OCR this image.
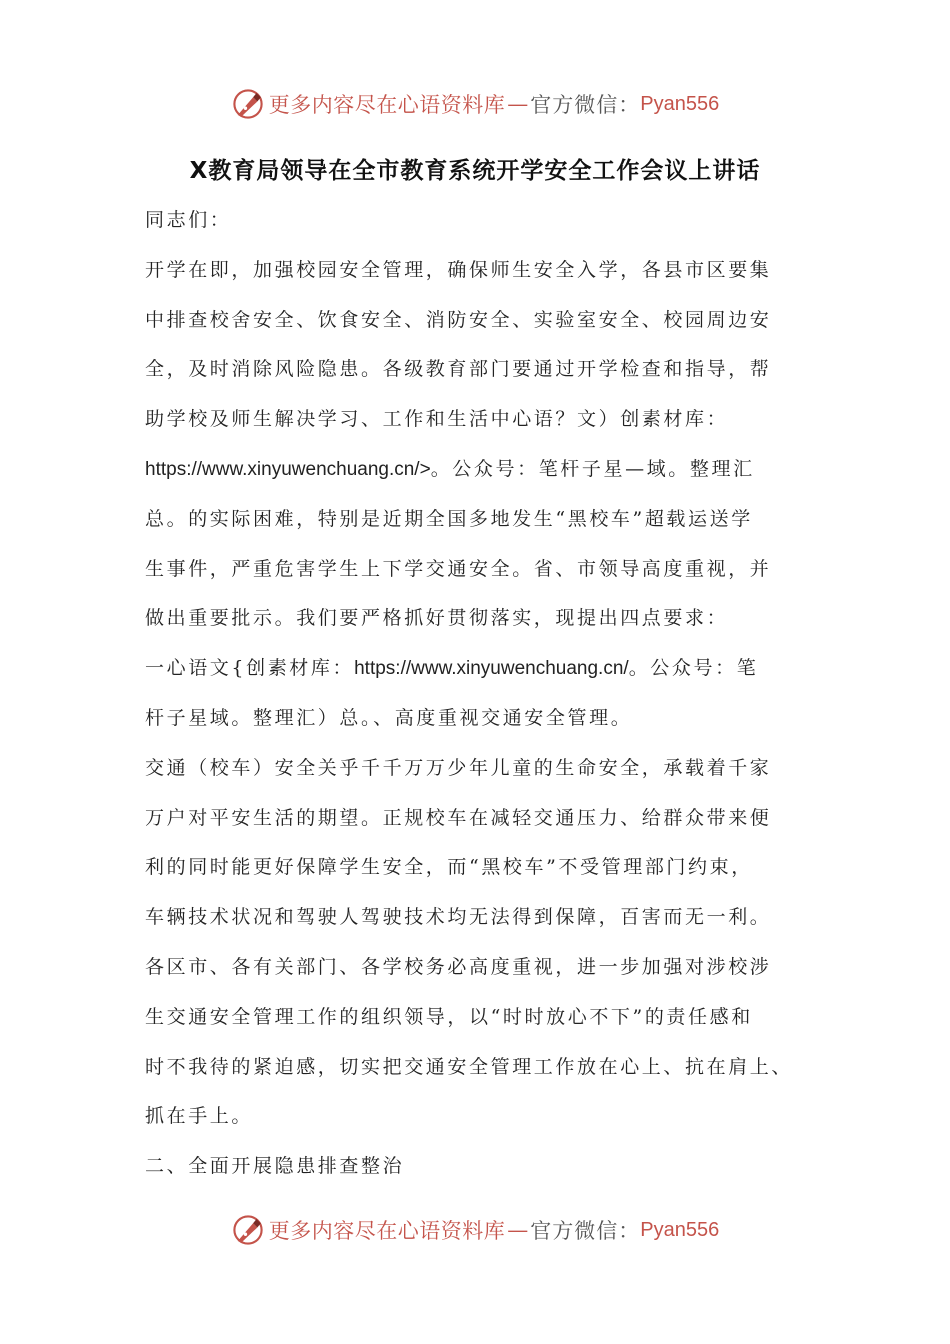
更多内容尽在心语资料库 — 官方微信： Pyan556
X教育局领导在全市教育系统开学安全工作会议上讲话
同志们：
开学在即，加强校园安全管理，确保师生安全入学，各县市区要集
中排查校舍安全、饮食安全、消防安全、实验室安全、校园周边安
全，及时消除风险隐患。各级教育部门要通过开学检查和指导，帮
助学校及师生解决学习、工作和生活中心语？文）创素材库：
https://www.xinyuwenchuang.cn/>。公众号：笔杆子星—域。整理汇
总。的实际困难，特别是近期全国多地发生“黑校车”超载运送学
生事件，严重危害学生上下学交通安全。省、市领导高度重视，并
做出重要批示。我们要严格抓好贯彻落实，现提出四点要求：
一心语文{创素材库：https://www.xinyuwenchuang.cn/。公众号：笔
杆子星域。整理汇）总。、高度重视交通安全管理。
交通（校车）安全关乎千千万万少年儿童的生命安全，承载着千家
万户对平安生活的期望。正规校车在减轻交通压力、给群众带来便
利的同时能更好保障学生安全，而“黑校车”不受管理部门约束，
车辆技术状况和驾驶人驾驶技术均无法得到保障，百害而无一利。
各区市、各有关部门、各学校务必高度重视，进一步加强对涉校涉
生交通安全管理工作的组织领导，以“时时放心不下”的责任感和
时不我待的紧迫感，切实把交通安全管理工作放在心上、抗在肩上、
抓在手上。
二、全面开展隐患排查整治
更多内容尽在心语资料库 — 官方微信： Pyan556
